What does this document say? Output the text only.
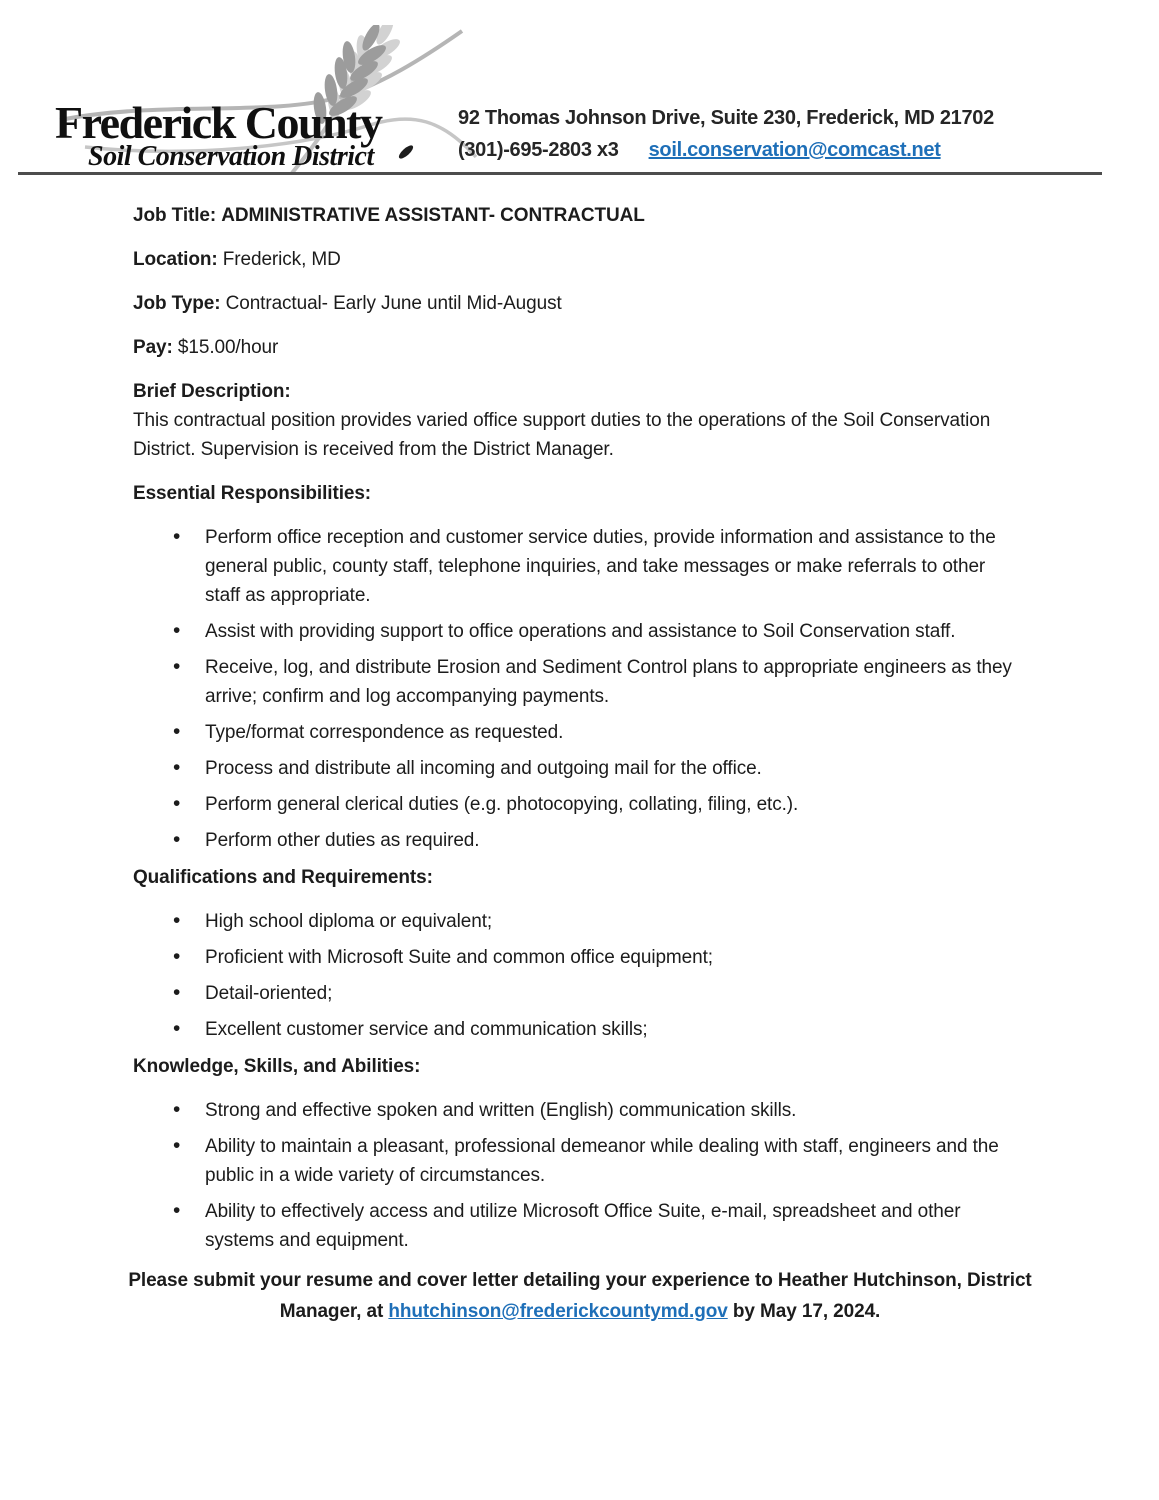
Frederick County
Soil Conservation District
92 Thomas Johnson Drive, Suite 230, Frederick, MD 21702
(301)-695-2803 x3 soil.conservation@comcast.net

Job Title: ADMINISTRATIVE ASSISTANT- CONTRACTUAL

Location: Frederick, MD

Job Type: Contractual- Early June until Mid-August

Pay: $15.00/hour

Brief Description:

This contractual position provides varied office support duties to the operations of the Soil Conservation District. Supervision is received from the District Manager.

Essential Responsibilities:

• Perform office reception and customer service duties, provide information and assistance to the general public, county staff, telephone inquiries, and take messages or make referrals to other staff as appropriate.
• Assist with providing support to office operations and assistance to Soil Conservation staff.
• Receive, log, and distribute Erosion and Sediment Control plans to appropriate engineers as they arrive; confirm and log accompanying payments.
• Type/format correspondence as requested.
• Process and distribute all incoming and outgoing mail for the office.
• Perform general clerical duties (e.g. photocopying, collating, filing, etc.).
• Perform other duties as required.

Qualifications and Requirements:

• High school diploma or equivalent;
• Proficient with Microsoft Suite and common office equipment;
• Detail-oriented;
• Excellent customer service and communication skills;

Knowledge, Skills, and Abilities:

• Strong and effective spoken and written (English) communication skills.
• Ability to maintain a pleasant, professional demeanor while dealing with staff, engineers and the public in a wide variety of circumstances.
• Ability to effectively access and utilize Microsoft Office Suite, e-mail, spreadsheet and other systems and equipment.
Please submit your resume and cover letter detailing your experience to Heather Hutchinson, District Manager, at hhutchinson@frederickcountymd.gov by May 17, 2024.
